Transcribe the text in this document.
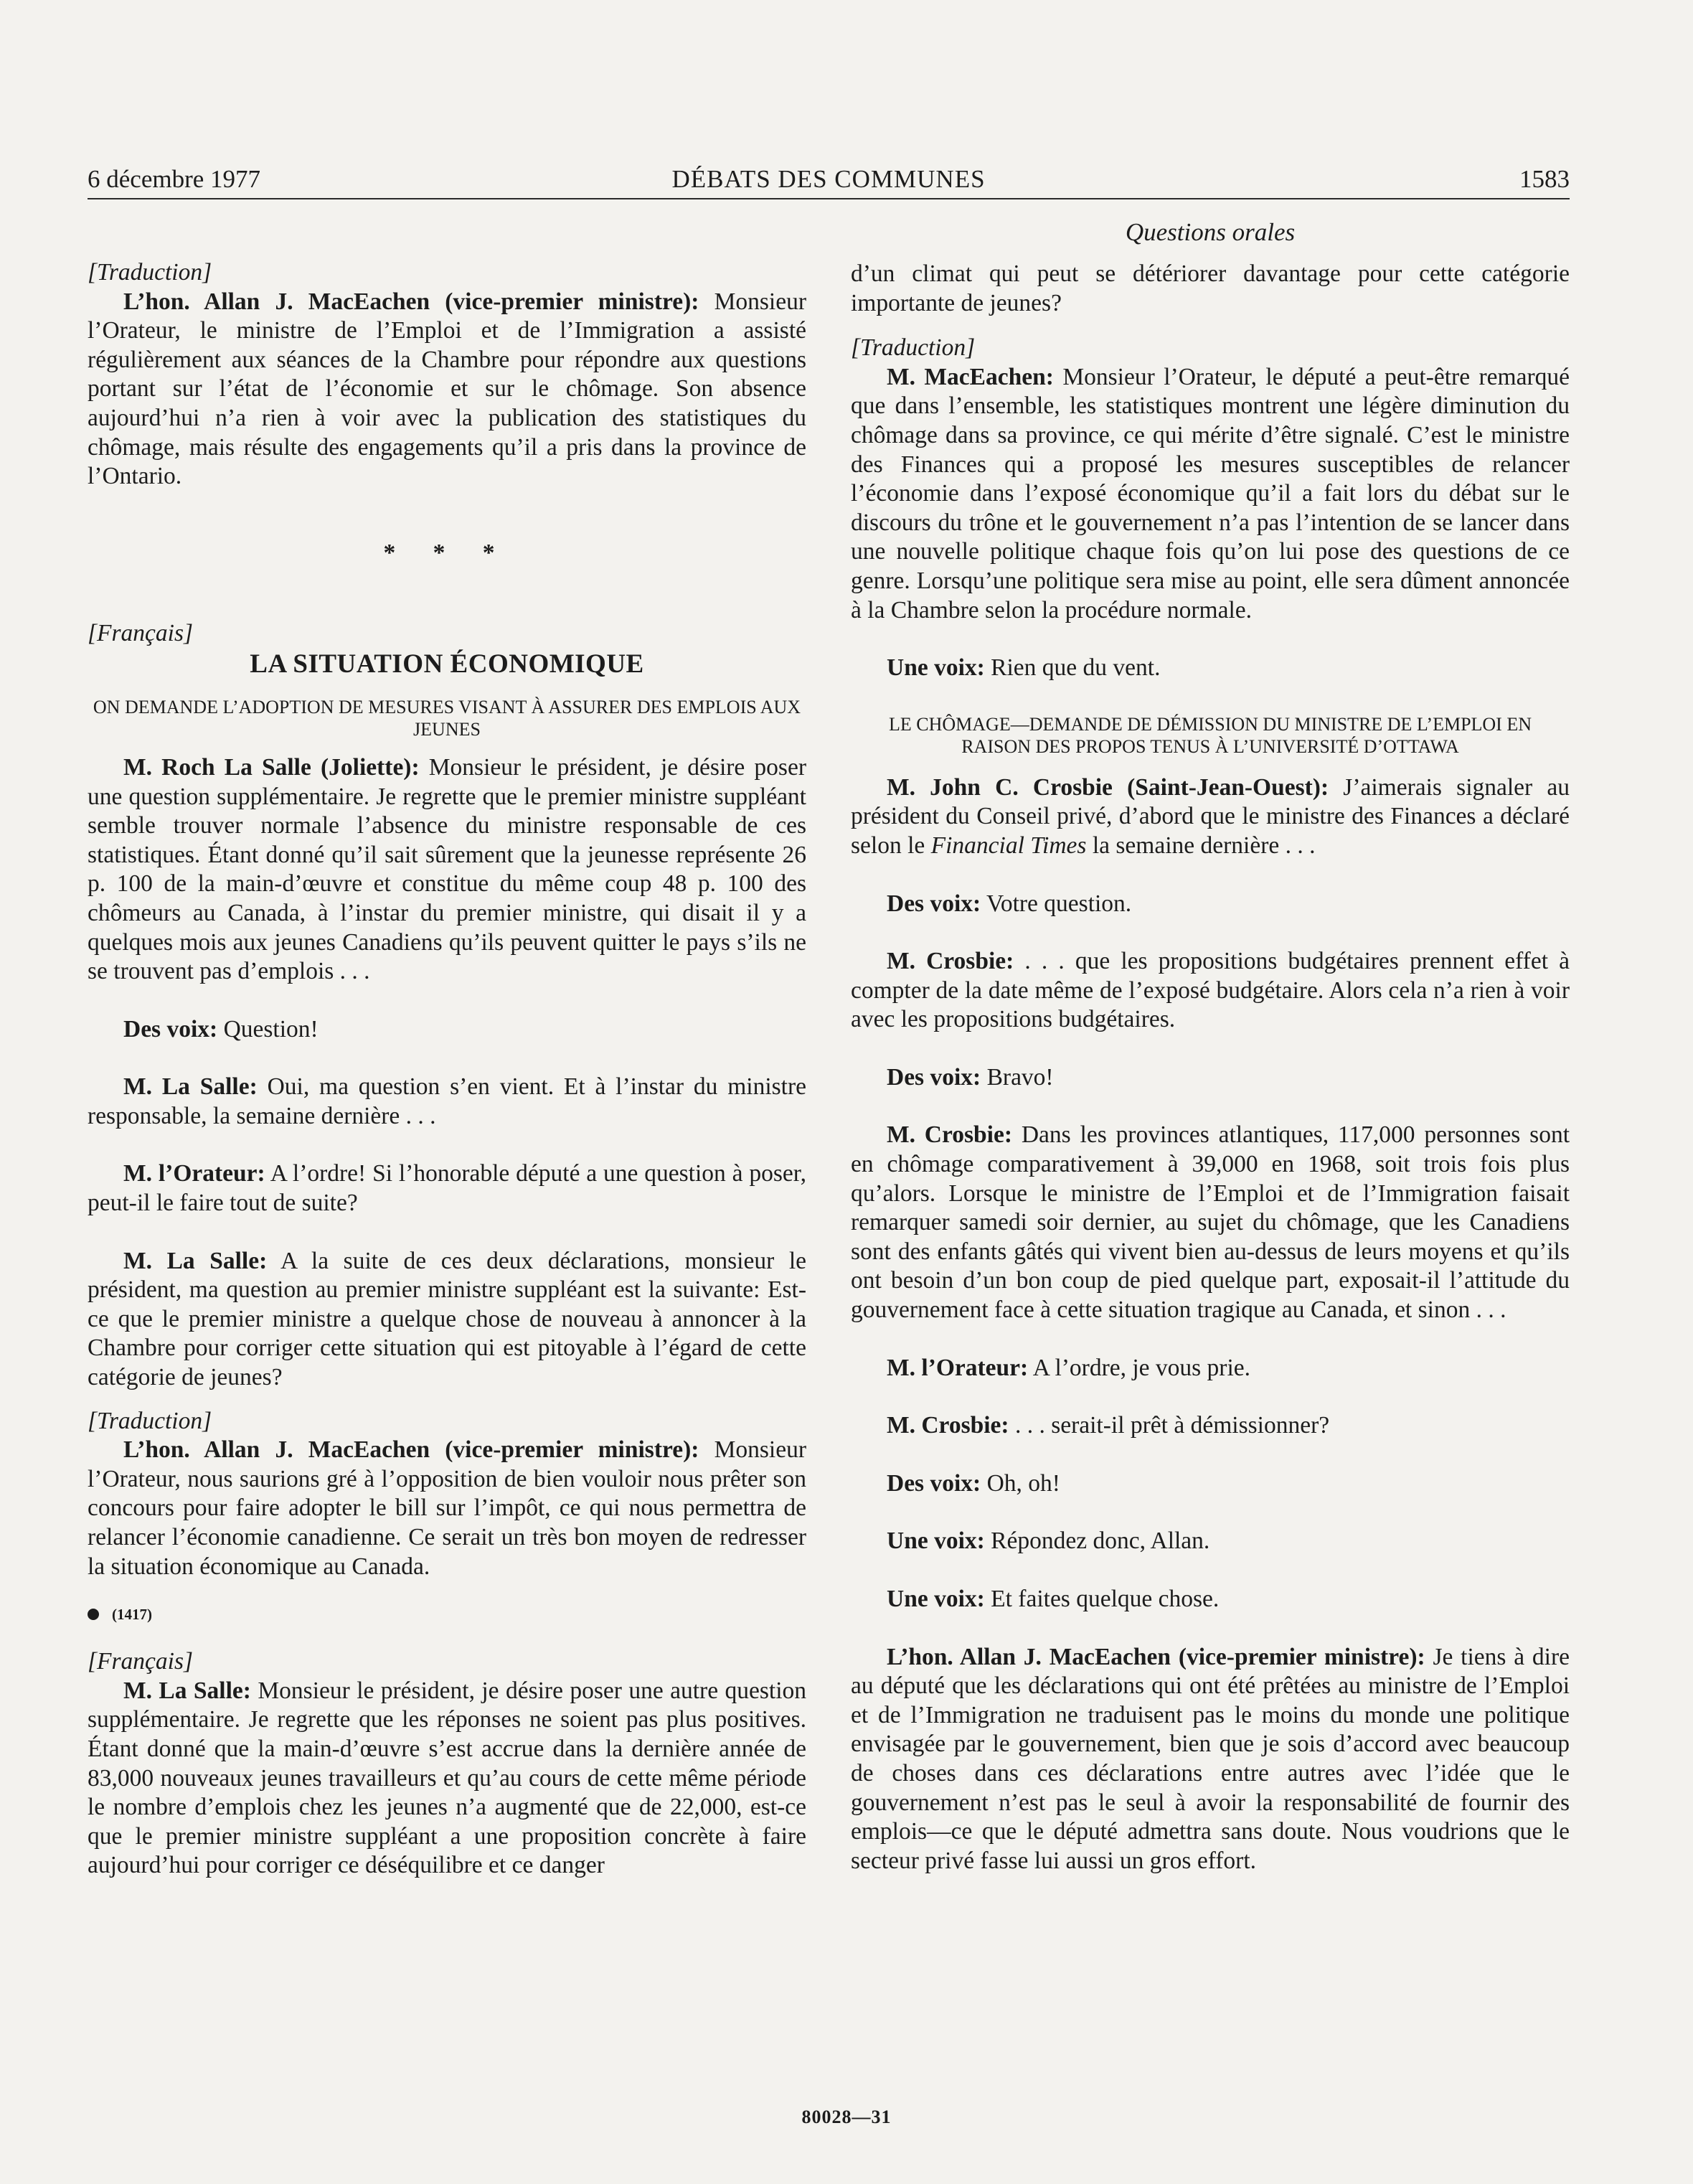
6 décembre 1977	DÉBATS DES COMMUNES	1583
Questions orales

[Traduction]

L’hon. Allan J. MacEachen (vice-premier ministre): Monsieur l’Orateur, le ministre de l’Emploi et de l’Immigration a assisté régulièrement aux séances de la Chambre pour répondre aux questions portant sur l’état de l’économie et sur le chômage. Son absence aujourd’hui n’a rien à voir avec la publication des statistiques du chômage, mais résulte des engagements qu’il a pris dans la province de l’Ontario.

* * *

[Français]

LA SITUATION ÉCONOMIQUE

ON DEMANDE L’ADOPTION DE MESURES VISANT À ASSURER DES EMPLOIS AUX JEUNES

M. Roch La Salle (Joliette): Monsieur le président, je désire poser une question supplémentaire. Je regrette que le premier ministre suppléant semble trouver normale l’absence du ministre responsable de ces statistiques. Étant donné qu’il sait sûrement que la jeunesse représente 26 p. 100 de la main-d’œuvre et constitue du même coup 48 p. 100 des chômeurs au Canada, à l’instar du premier ministre, qui disait il y a quelques mois aux jeunes Canadiens qu’ils peuvent quitter le pays s’ils ne se trouvent pas d’emplois . . .

Des voix: Question!

M. La Salle: Oui, ma question s’en vient. Et à l’instar du ministre responsable, la semaine dernière . . .

M. l’Orateur: A l’ordre! Si l’honorable député a une question à poser, peut-il le faire tout de suite?

M. La Salle: A la suite de ces deux déclarations, monsieur le président, ma question au premier ministre suppléant est la suivante: Est-ce que le premier ministre a quelque chose de nouveau à annoncer à la Chambre pour corriger cette situation qui est pitoyable à l’égard de cette catégorie de jeunes?

[Traduction]

L’hon. Allan J. MacEachen (vice-premier ministre): Monsieur l’Orateur, nous saurions gré à l’opposition de bien vouloir nous prêter son concours pour faire adopter le bill sur l’impôt, ce qui nous permettra de relancer l’économie canadienne. Ce serait un très bon moyen de redresser la situation économique au Canada.

(1417)

[Français]

M. La Salle: Monsieur le président, je désire poser une autre question supplémentaire. Je regrette que les réponses ne soient pas plus positives. Étant donné que la main-d’œuvre s’est accrue dans la dernière année de 83,000 nouveaux jeunes travailleurs et qu’au cours de cette même période le nombre d’emplois chez les jeunes n’a augmenté que de 22,000, est-ce que le premier ministre suppléant a une proposition concrète à faire aujourd’hui pour corriger ce déséquilibre et ce danger

d’un climat qui peut se détériorer davantage pour cette catégorie importante de jeunes?

[Traduction]

M. MacEachen: Monsieur l’Orateur, le député a peut-être remarqué que dans l’ensemble, les statistiques montrent une légère diminution du chômage dans sa province, ce qui mérite d’être signalé. C’est le ministre des Finances qui a proposé les mesures susceptibles de relancer l’économie dans l’exposé économique qu’il a fait lors du débat sur le discours du trône et le gouvernement n’a pas l’intention de se lancer dans une nouvelle politique chaque fois qu’on lui pose des questions de ce genre. Lorsqu’une politique sera mise au point, elle sera dûment annoncée à la Chambre selon la procédure normale.

Une voix: Rien que du vent.

LE CHÔMAGE—DEMANDE DE DÉMISSION DU MINISTRE DE L’EMPLOI EN RAISON DES PROPOS TENUS À L’UNIVERSITÉ D’OTTAWA

M. John C. Crosbie (Saint-Jean-Ouest): J’aimerais signaler au président du Conseil privé, d’abord que le ministre des Finances a déclaré selon le Financial Times la semaine dernière . . .

Des voix: Votre question.

M. Crosbie: . . . que les propositions budgétaires prennent effet à compter de la date même de l’exposé budgétaire. Alors cela n’a rien à voir avec les propositions budgétaires.

Des voix: Bravo!

M. Crosbie: Dans les provinces atlantiques, 117,000 personnes sont en chômage comparativement à 39,000 en 1968, soit trois fois plus qu’alors. Lorsque le ministre de l’Emploi et de l’Immigration faisait remarquer samedi soir dernier, au sujet du chômage, que les Canadiens sont des enfants gâtés qui vivent bien au-dessus de leurs moyens et qu’ils ont besoin d’un bon coup de pied quelque part, exposait-il l’attitude du gouvernement face à cette situation tragique au Canada, et sinon . . .

M. l’Orateur: A l’ordre, je vous prie.

M. Crosbie: . . . serait-il prêt à démissionner?

Des voix: Oh, oh!

Une voix: Répondez donc, Allan.

Une voix: Et faites quelque chose.

L’hon. Allan J. MacEachen (vice-premier ministre): Je tiens à dire au député que les déclarations qui ont été prêtées au ministre de l’Emploi et de l’Immigration ne traduisent pas le moins du monde une politique envisagée par le gouvernement, bien que je sois d’accord avec beaucoup de choses dans ces déclarations entre autres avec l’idée que le gouvernement n’est pas le seul à avoir la responsabilité de fournir des emplois—ce que le député admettra sans doute. Nous voudrions que le secteur privé fasse lui aussi un gros effort.

80028—31
